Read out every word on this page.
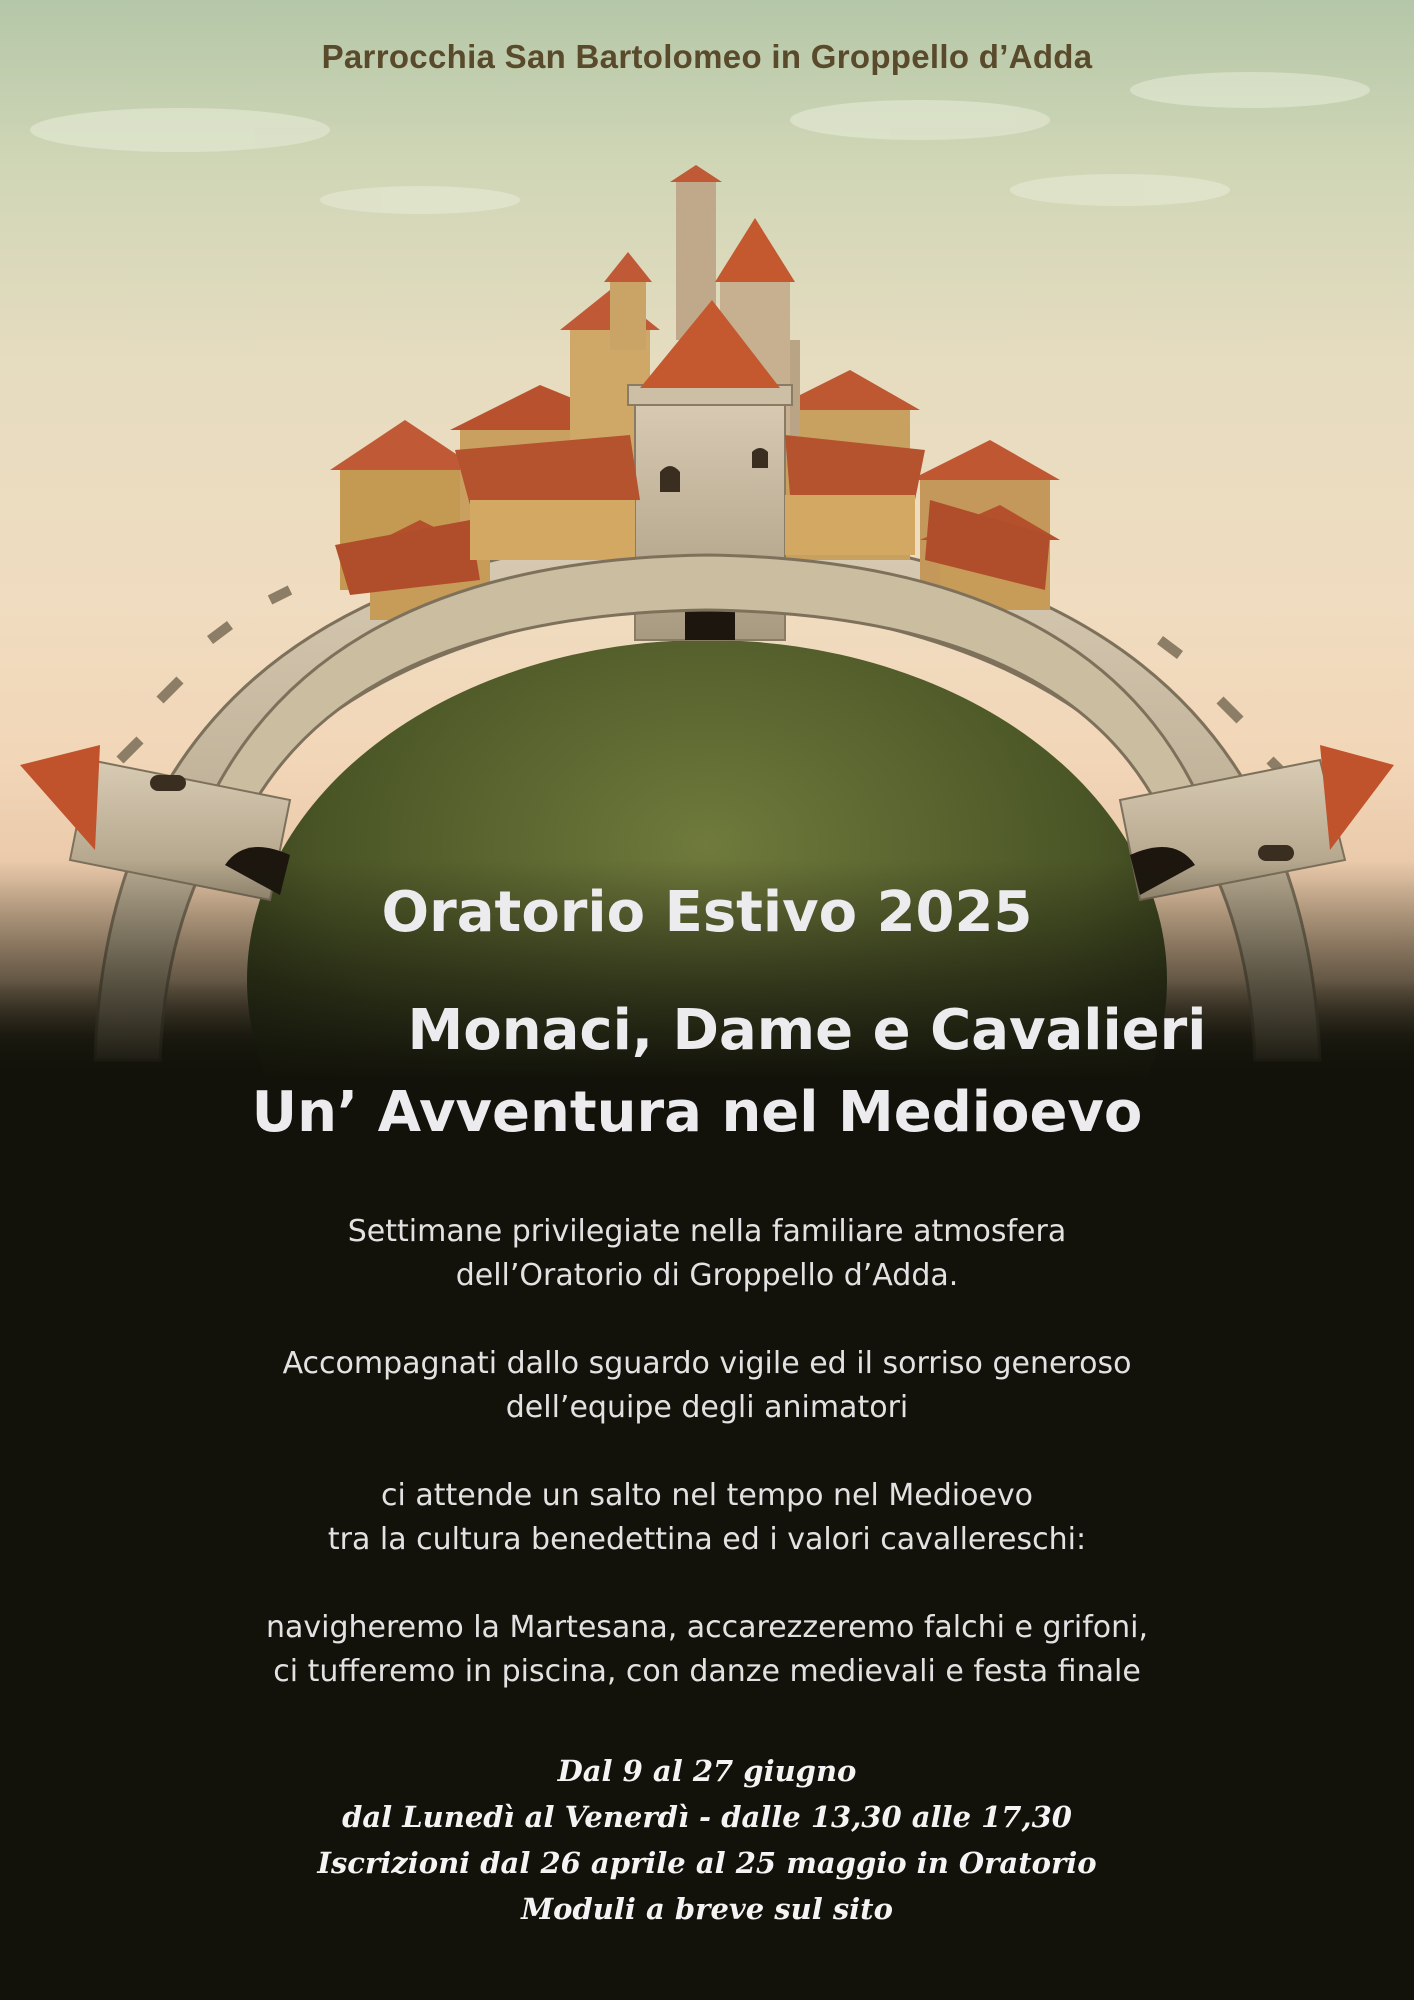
Parrocchia San Bartolomeo in Groppello d’Adda
Oratorio Estivo 2025
Monaci, Dame e Cavalieri
Un’ Avventura nel Medioevo

Settimane privilegiate nella familiare atmosfera
dell’Oratorio di Groppello d’Adda.

Accompagnati dallo sguardo vigile ed il sorriso generoso
dell’equipe degli animatori

ci attende un salto nel tempo nel Medioevo
tra la cultura benedettina ed i valori cavallereschi:

navigheremo la Martesana, accarezzeremo falchi e grifoni,
ci tufferemo in piscina, con danze medievali e festa finale

Dal 9 al 27 giugno
dal Lunedì al Venerdì - dalle 13,30 alle 17,30
Iscrizioni dal 26 aprile al 25 maggio in Oratorio
Moduli a breve sul sito
